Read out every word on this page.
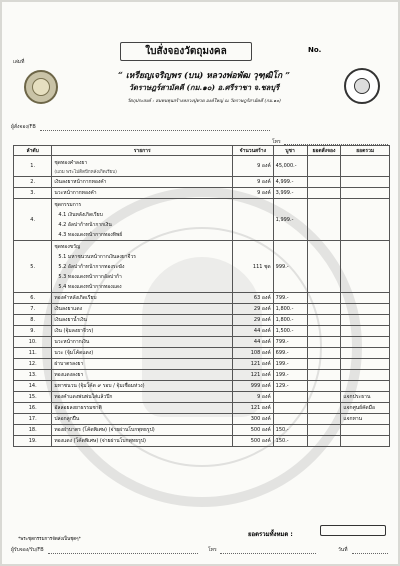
เล่มที่
ใบสั่งจองวัตถุมงคล	No.
“ เหรียญเจริญพร (บน) หลวงพ่อพัฒ วุฑฺฒิโก ”
วัดราษฎร์สามัคคี (กม.๑๐) อ.ศรีราชา จ.ชลบุรี
วัตถุประสงค์ : สมทบทุนสร้างหลวงปู่ทวด องค์ใหญ่ ณ วัดราษฎร์สามัคคี (กม.๑๐)
ผู้สั่งจอง/FB
โทร
ลำดับ	รายการ	จำนวนสร้าง	บูชา	ยอดสั่งจอง	ยอดรวม
1.	ชุดทองคำลงยา
(แถม พระไม่ติดปีกหลังเกิดเรียบ)	9 องค์	45,000.-		
2.	เงินลงยาหน้ากากทองคำ	9 องค์	4,999.-		
3.	นวะหน้ากากทองคำ	9 องค์	3,999.-		
4.	ชุดกรรมการ
4.1 เงินหลังเกิดเรียบ
4.2 อัลปาก้าหน้ากากเงิน
4.3 ทองแดงหน้ากากทองทิพย์		1,999.-		
5.	ชุดทองขวัญ
5.1 มหาชนวนหน้ากากเงินลงยาจีวร
5.2 อัลปาก้าหน้ากากทองระฆัง
5.3 ทองแดงหน้ากากอัลปาก้า
5.4 ทองแดงหน้ากากทองแดง	111 ชุด	999.-		
6.	ทองคำหลังเกิดเรียบ	63 องค์	799.-		
7.	เงินลงยาแดง	29 องค์	1,800.-		
8.	เงินลงยาน้ำเงิน	29 องค์	1,800.-		
9.	เงิน (จุ้มลงยาจีวร)	44 องค์	1,500.-		
10.	นวะหน้ากากเงิน	44 องค์	799.-		
11.	นวะ (จุ้มโค้ดแดง)	108 องค์	699.-		
12.	ฝาบาตรลงยา	121 องค์	199.-		
13.	ทองแดงลงยา	121 องค์	199.-		
14.	มหาชนวน (จุ้มโค้ด ๙ รอบ / จุ้มเชื่อมห่วง)	999 องค์	129.-		
15.	ทองคำแดงพ่นพ่นใส่แล้วปีก	9 องค์			แจกประธาน
16.	อัลลอยลงยาธรรมชาติ	121 องค์			แจกศูนย์คัดมือ
17.	ปลอกลูกปืน	300 องค์			แจกทาน
18.	ทองฝาบาตร (โค้ดพิเศษ) (จ่ายผ่านโบกพุทธรูป)	500 องค์	150.-		
19.	ทองแดง (โค้ดพิเศษ) (จ่ายผ่านโบกพุทธรูป)	500 องค์	150.-		
*พระชุดกรรมการจัดส่งเป็นชุดๆ*
ยอดรวมทั้งหมด :
ผู้รับจอง/รับ/FB	โทร	วันที่
